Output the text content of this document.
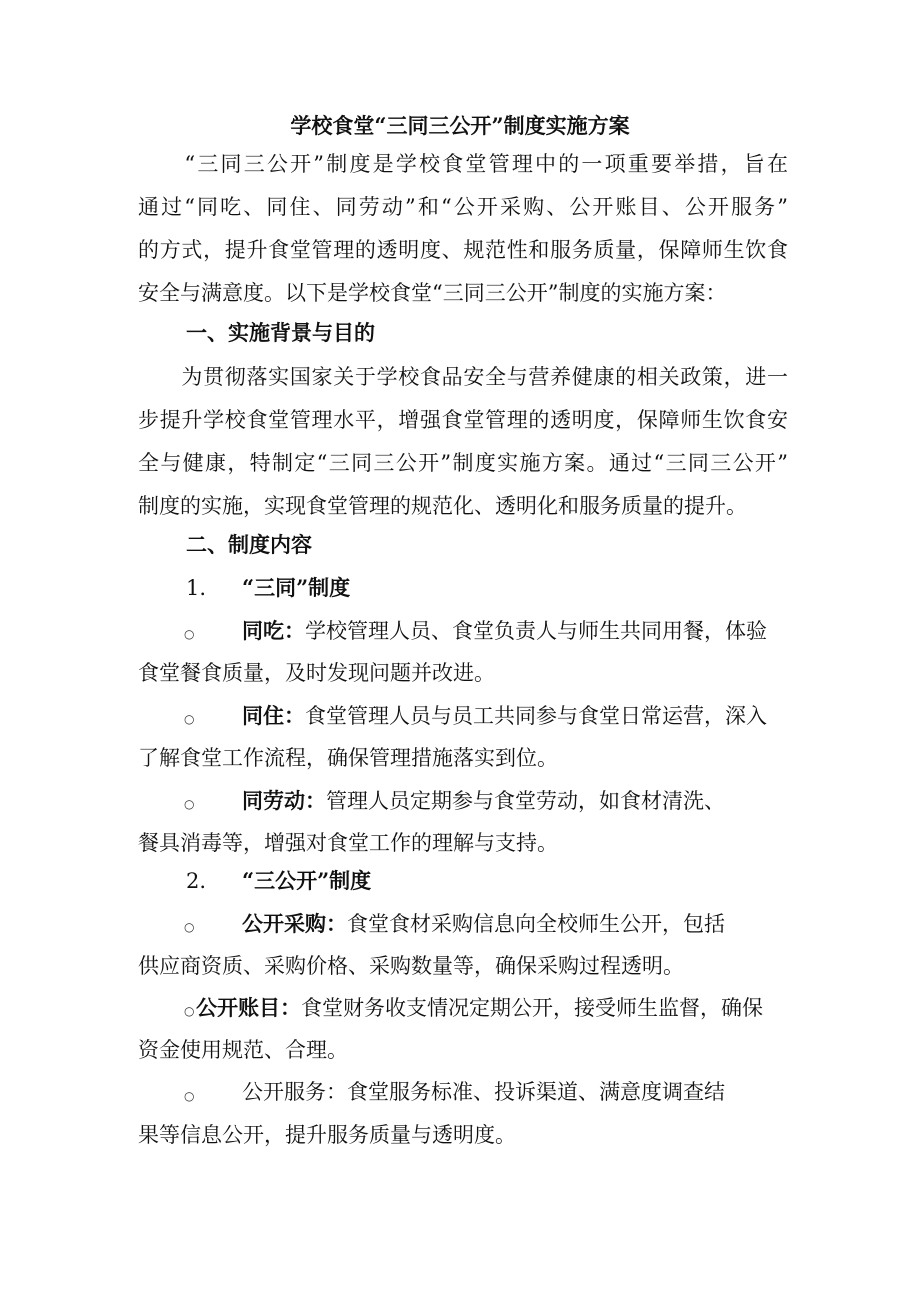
学校食堂“三同三公开”制度实施方案
　　“三同三公开”制度是学校食堂管理中的一项重要举措，旨在
通过“同吃、同住、同劳动”和“公开采购、公开账目、公开服务”
的方式，提升食堂管理的透明度、规范性和服务质量，保障师生饮食
安全与满意度。以下是学校食堂“三同三公开”制度的实施方案：
一、实施背景与目的
　　为贯彻落实国家关于学校食品安全与营养健康的相关政策，进一
步提升学校食堂管理水平，增强食堂管理的透明度，保障师生饮食安
全与健康，特制定“三同三公开”制度实施方案。通过“三同三公开”
制度的实施，实现食堂管理的规范化、透明化和服务质量的提升。
二、制度内容
1. “三同”制度
○ 同吃：学校管理人员、食堂负责人与师生共同用餐，体验
食堂餐食质量，及时发现问题并改进。
○ 同住：食堂管理人员与员工共同参与食堂日常运营，深入
了解食堂工作流程，确保管理措施落实到位。
○ 同劳动：管理人员定期参与食堂劳动，如食材清洗、
餐具消毒等，增强对食堂工作的理解与支持。
2. “三公开”制度
○ 公开采购：食堂食材采购信息向全校师生公开，包括
供应商资质、采购价格、采购数量等，确保采购过程透明。
○ 公开账目：食堂财务收支情况定期公开，接受师生监督，确保
资金使用规范、合理。
○ 公开服务：食堂服务标准、投诉渠道、满意度调查结
果等信息公开，提升服务质量与透明度。
